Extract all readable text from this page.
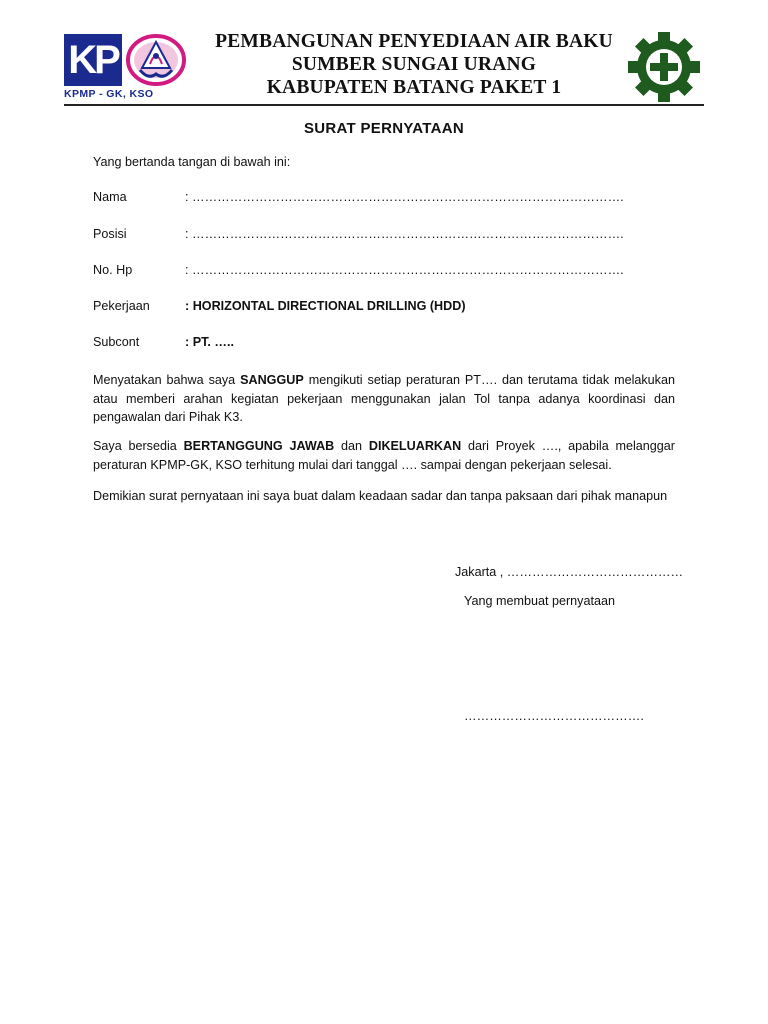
KP
KPMP - GK, KSO
PEMBANGUNAN PENYEDIAAN AIR BAKU
SUMBER SUNGAI URANG
KABUPATEN BATANG PAKET 1
SURAT PERNYATAAN
Yang bertanda tangan di bawah ini:
Nama	: ………………………………………………………………………………………….
Posisi	: ………………………………………………………………………………………….
No. Hp	: ………………………………………………………………………………………….
Pekerjaan	: HORIZONTAL DIRECTIONAL DRILLING (HDD)
Subcont	: PT. …..
Menyatakan bahwa saya SANGGUP mengikuti setiap peraturan PT…. dan terutama tidak melakukan atau memberi arahan kegiatan pekerjaan menggunakan jalan Tol tanpa adanya koordinasi dan pengawalan dari Pihak K3.
Saya bersedia BERTANGGUNG JAWAB dan DIKELUARKAN dari Proyek …., apabila melanggar peraturan KPMP-GK, KSO terhitung mulai dari tanggal …. sampai dengan pekerjaan selesai.
Demikian surat pernyataan ini saya buat dalam keadaan sadar dan tanpa paksaan dari pihak manapun
Jakarta , ……………………………………
Yang membuat pernyataan
…………………………………….
